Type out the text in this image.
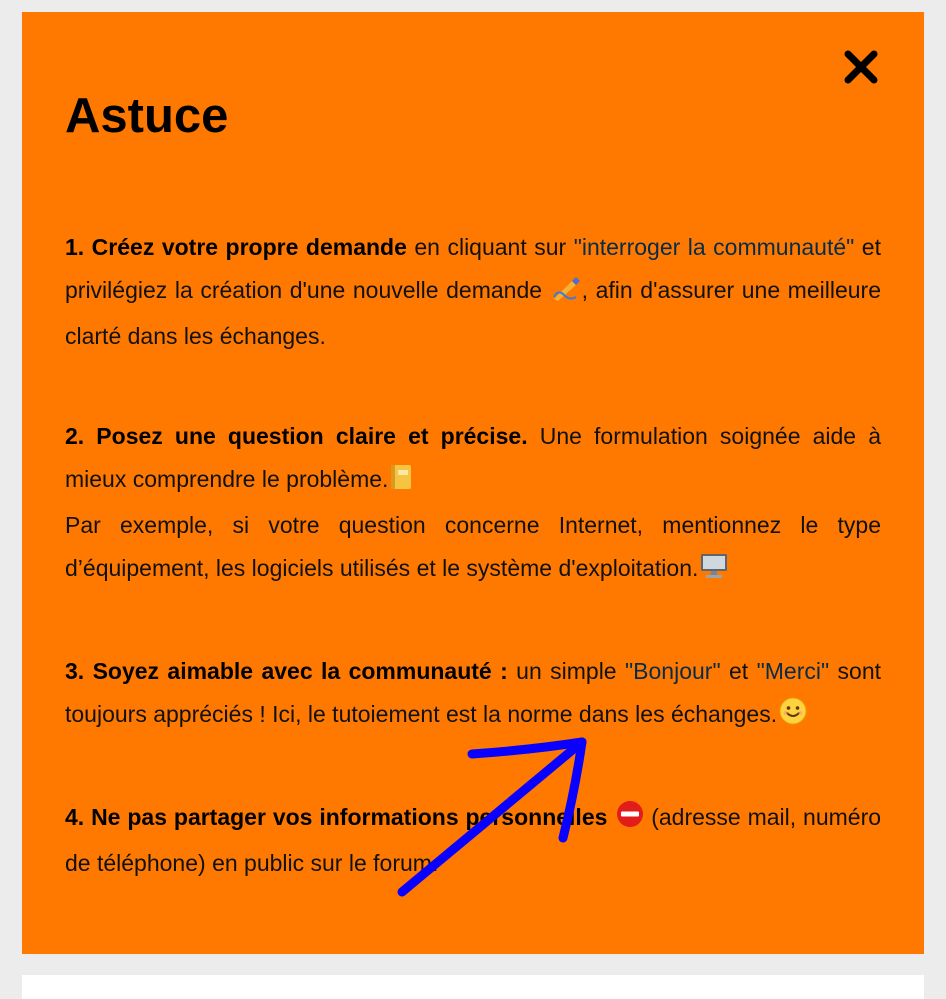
Astuce

1. Créez votre propre demande en cliquant sur "interroger la communauté" et privilégiez la création d'une nouvelle demande , afin d'assurer une meilleure clarté dans les échanges.

2. Posez une question claire et précise. Une formulation soignée aide à mieux comprendre le problème.
Par exemple, si votre question concerne Internet, mentionnez le type d’équipement, les logiciels utilisés et le système d'exploitation.

3. Soyez aimable avec la communauté : un simple "Bonjour" et "Merci" sont toujours appréciés ! Ici, le tutoiement est la norme dans les échanges.

4. Ne pas partager vos informations personnelles  (adresse mail, numéro de téléphone) en public sur le forum.
